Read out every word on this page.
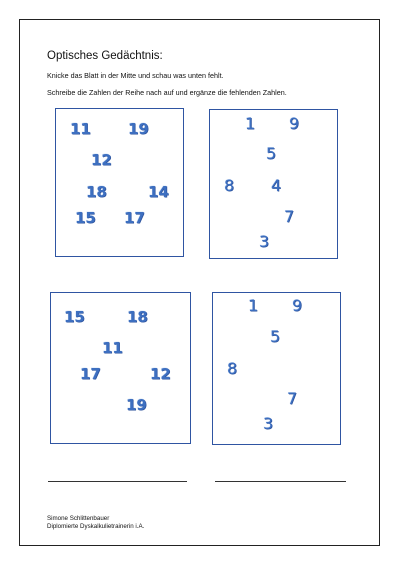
Optisches Gedächtnis:
Knicke das Blatt in der Mitte und schau was unten fehlt.
Schreibe die Zahlen der Reihe nach auf und ergänze die fehlenden Zahlen.
11 19
12
18	14
15 17
1 9
5
8 4
7
3
15	18
11
17	12
19
1 9
5
8
7
3
Simone Schlittenbauer
Diplomierte Dyskalkulietrainerin i.A.
